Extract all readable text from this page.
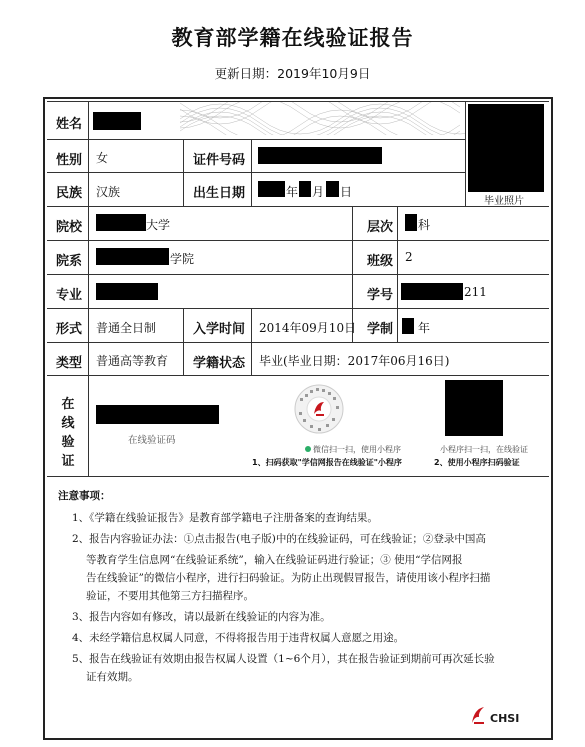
教育部学籍在线验证报告
更新日期：2019年10月9日
姓名
毕业照片
性别 女	证件号码
民族 汉族	出生日期	年 月 日
院校	大学	层次 科
院系	学院	班级 2
专业	学号	211
形式 普通全日制	入学时间 2014年09月10日 学制 年
类型 普通高等教育 学籍状态 毕业(毕业日期：2017年06月16日)
在
线
验
证
在线验证码
微信扫一扫，使用小程序
1、扫码获取"学信网报告在线验证"小程序
小程序扫一扫，在线验证
2、使用小程序扫码验证
注意事项：
1、《学籍在线验证报告》是教育部学籍电子注册备案的查询结果。
2、报告内容验证办法：①点击报告(电子版)中的在线验证码，可在线验证；②登录中国高
等教育学生信息网“在线验证系统”，输入在线验证码进行验证；③ 使用“学信网报
告在线验证”的微信小程序，进行扫码验证。为防止出现假冒报告，请使用该小程序扫描
验证，不要用其他第三方扫描程序。
3、报告内容如有修改，请以最新在线验证的内容为准。
4、未经学籍信息权属人同意，不得将报告用于违背权属人意愿之用途。
5、报告在线验证有效期由报告权属人设置（1~6个月），其在报告验证到期前可再次延长验
证有效期。
CHSI
